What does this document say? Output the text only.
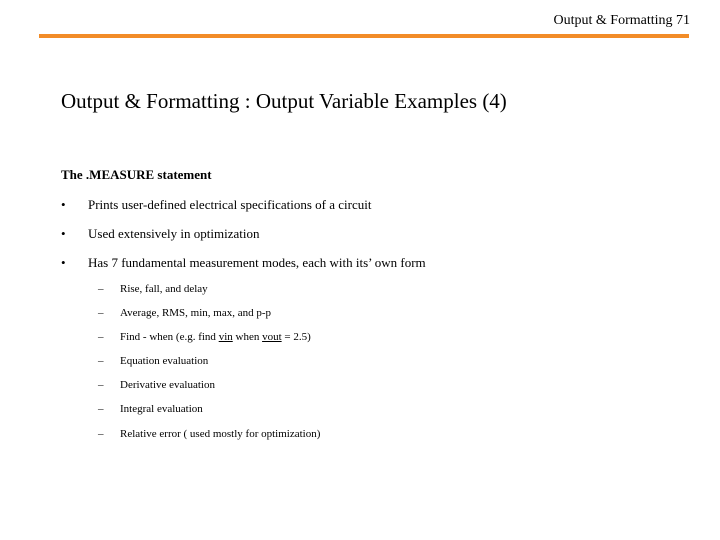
Output & Formatting 71
Output & Formatting : Output Variable Examples (4)
The .MEASURE statement
•	Prints user-defined electrical specifications of a circuit
•	Used extensively in optimization
•	Has 7 fundamental measurement modes, each with its’ own form
–	Rise, fall, and delay
–	Average, RMS, min, max, and p-p
–	Find - when (e.g. find vin when vout = 2.5)
–	Equation evaluation
–	Derivative evaluation
–	Integral evaluation
–	Relative error ( used mostly for optimization)
